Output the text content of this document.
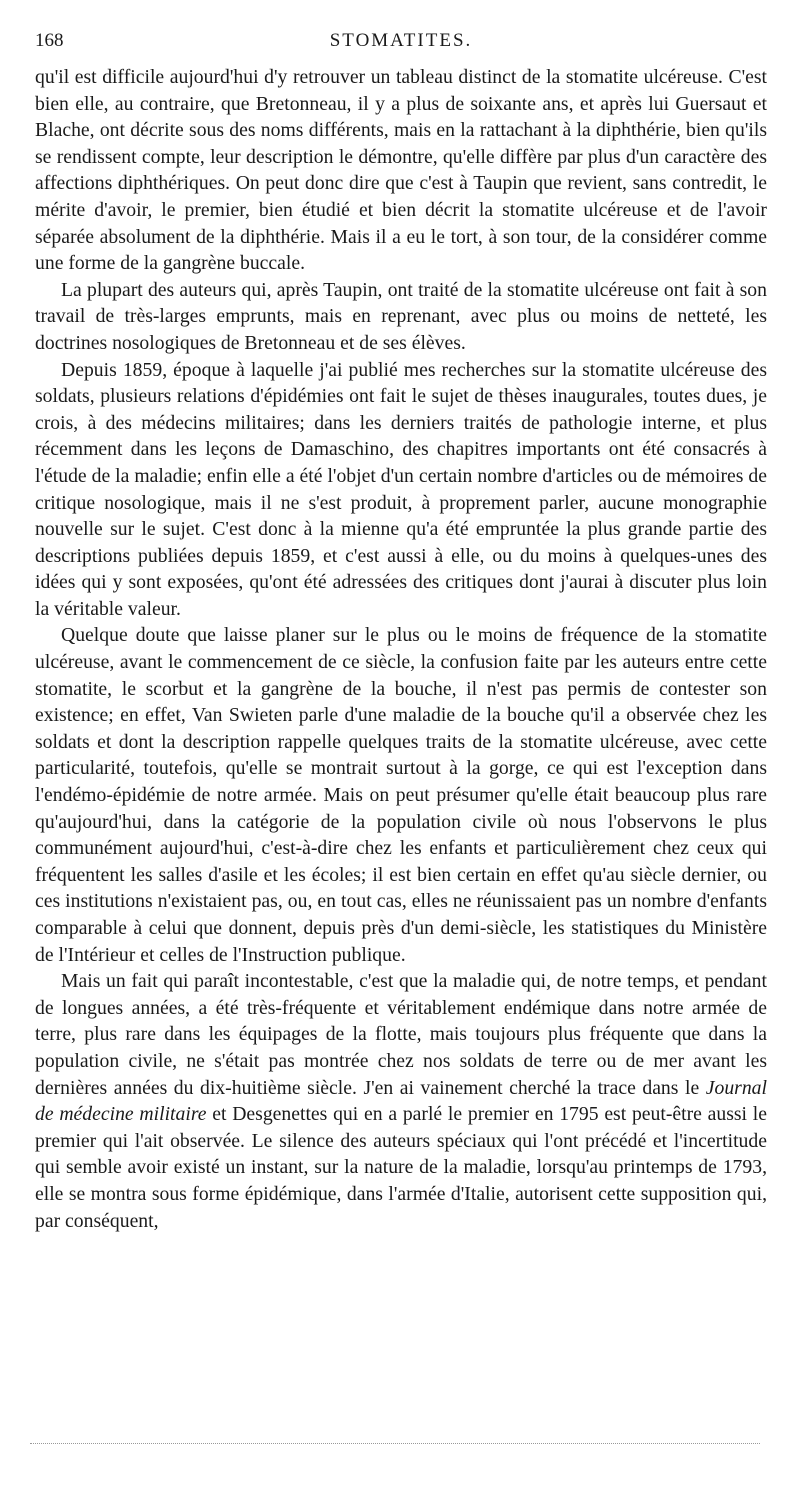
168	STOMATITES.

qu'il est difficile aujourd'hui d'y retrouver un tableau distinct de la stomatite ulcéreuse. C'est bien elle, au contraire, que Bretonneau, il y a plus de soixante ans, et après lui Guersaut et Blache, ont décrite sous des noms différents, mais en la rattachant à la diphthérie, bien qu'ils se rendissent compte, leur description le démontre, qu'elle diffère par plus d'un caractère des affections diphthériques. On peut donc dire que c'est à Taupin que revient, sans contredit, le mérite d'avoir, le premier, bien étudié et bien décrit la stomatite ulcéreuse et de l'avoir séparée absolument de la diphthérie. Mais il a eu le tort, à son tour, de la considérer comme une forme de la gangrène buccale.

La plupart des auteurs qui, après Taupin, ont traité de la stomatite ulcéreuse ont fait à son travail de très-larges emprunts, mais en reprenant, avec plus ou moins de netteté, les doctrines nosologiques de Bretonneau et de ses élèves.

Depuis 1859, époque à laquelle j'ai publié mes recherches sur la stomatite ulcéreuse des soldats, plusieurs relations d'épidémies ont fait le sujet de thèses inaugurales, toutes dues, je crois, à des médecins militaires; dans les derniers traités de pathologie interne, et plus récemment dans les leçons de Damaschino, des chapitres importants ont été consacrés à l'étude de la maladie; enfin elle a été l'objet d'un certain nombre d'articles ou de mémoires de critique nosologique, mais il ne s'est produit, à proprement parler, aucune monographie nouvelle sur le sujet. C'est donc à la mienne qu'a été empruntée la plus grande partie des descriptions publiées depuis 1859, et c'est aussi à elle, ou du moins à quelques-unes des idées qui y sont exposées, qu'ont été adressées des critiques dont j'aurai à discuter plus loin la véritable valeur.

Quelque doute que laisse planer sur le plus ou le moins de fréquence de la stomatite ulcéreuse, avant le commencement de ce siècle, la confusion faite par les auteurs entre cette stomatite, le scorbut et la gangrène de la bouche, il n'est pas permis de contester son existence; en effet, Van Swieten parle d'une maladie de la bouche qu'il a observée chez les soldats et dont la description rappelle quelques traits de la stomatite ulcéreuse, avec cette particularité, toutefois, qu'elle se montrait surtout à la gorge, ce qui est l'exception dans l'endémo-épidémie de notre armée. Mais on peut présumer qu'elle était beaucoup plus rare qu'aujourd'hui, dans la catégorie de la population civile où nous l'observons le plus communément aujourd'hui, c'est-à-dire chez les enfants et particulièrement chez ceux qui fréquentent les salles d'asile et les écoles; il est bien certain en effet qu'au siècle dernier, ou ces institutions n'existaient pas, ou, en tout cas, elles ne réunissaient pas un nombre d'enfants comparable à celui que donnent, depuis près d'un demi-siècle, les statistiques du Ministère de l'Intérieur et celles de l'Instruction publique.

Mais un fait qui paraît incontestable, c'est que la maladie qui, de notre temps, et pendant de longues années, a été très-fréquente et véritablement endémique dans notre armée de terre, plus rare dans les équipages de la flotte, mais toujours plus fréquente que dans la population civile, ne s'était pas montrée chez nos soldats de terre ou de mer avant les dernières années du dix-huitième siècle. J'en ai vainement cherché la trace dans le Journal de médecine militaire et Desgenettes qui en a parlé le premier en 1795 est peut-être aussi le premier qui l'ait observée. Le silence des auteurs spéciaux qui l'ont précédé et l'incertitude qui semble avoir existé un instant, sur la nature de la maladie, lorsqu'au printemps de 1793, elle se montra sous forme épidémique, dans l'armée d'Italie, autorisent cette supposition qui, par conséquent,
